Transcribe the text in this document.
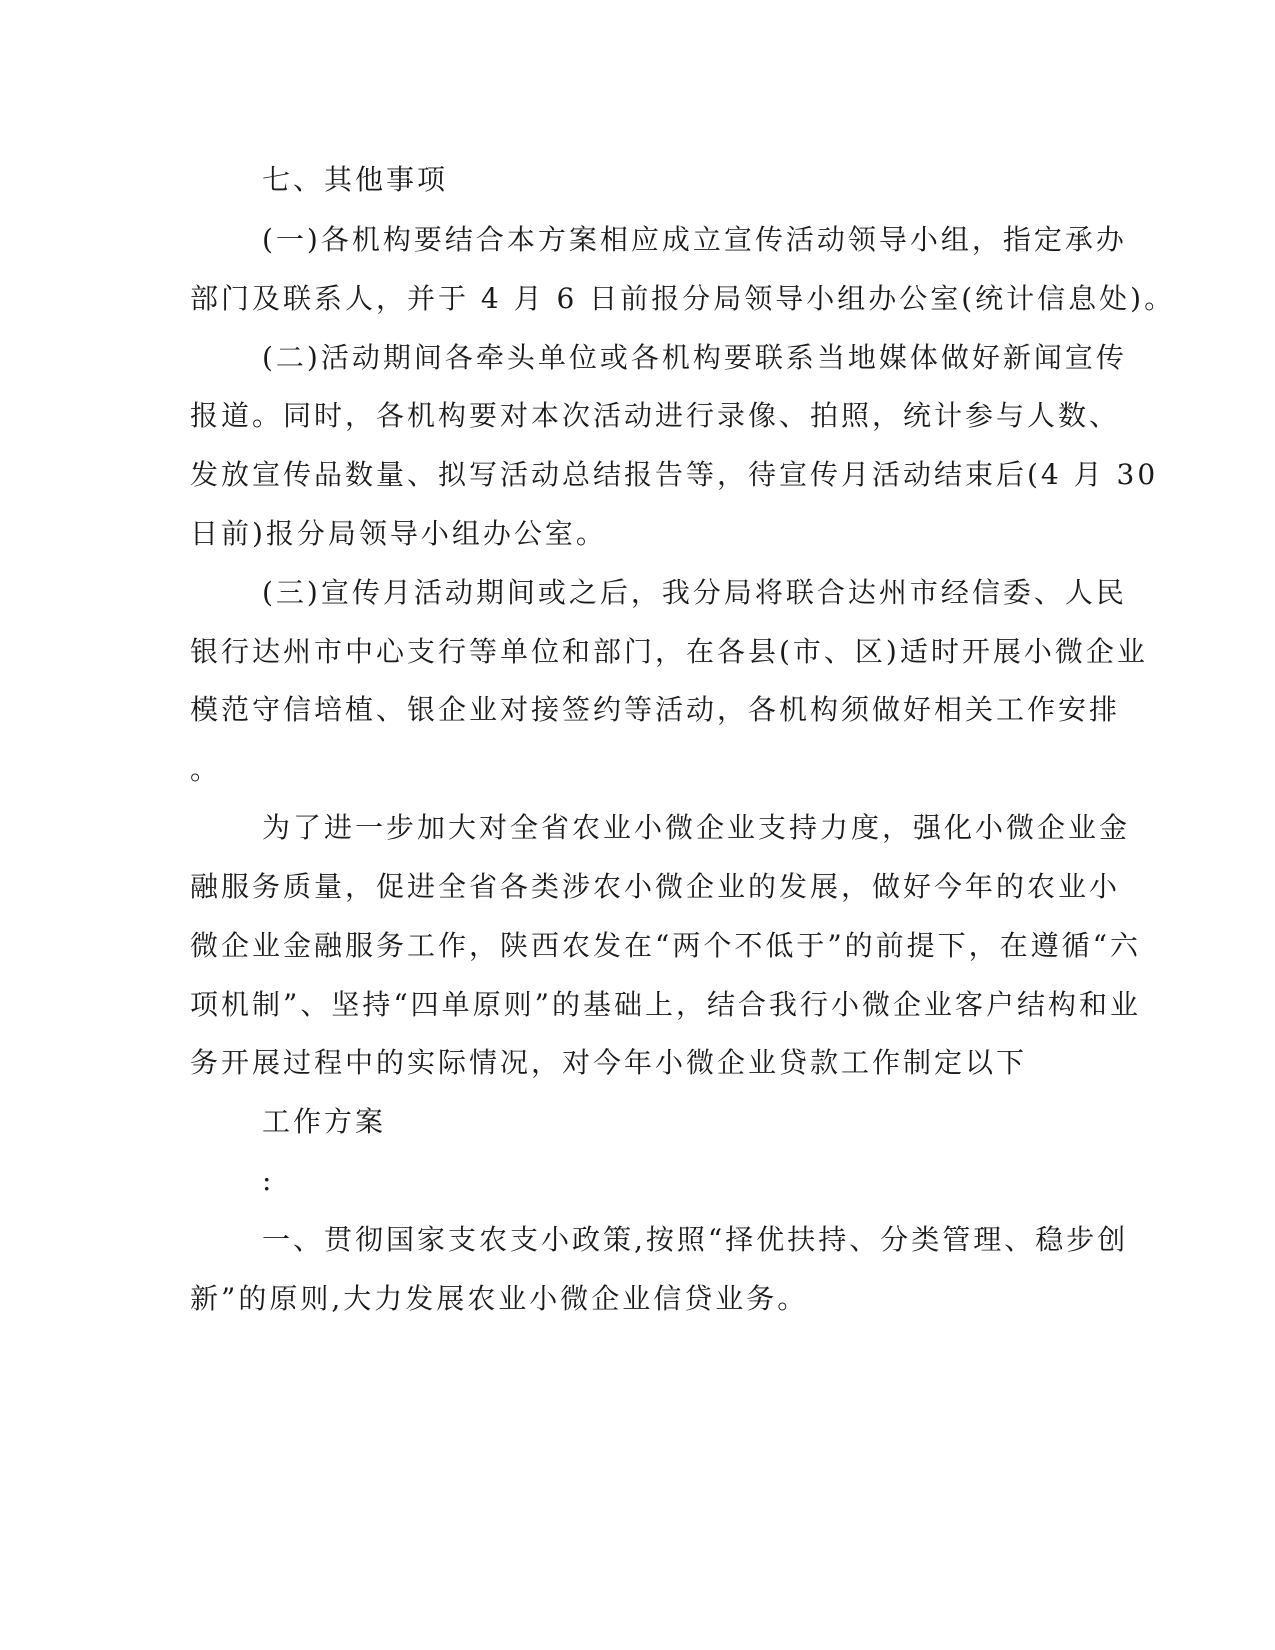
七、其他事项
(一)各机构要结合本方案相应成立宣传活动领导小组，指定承办
部门及联系人，并于 4 月 6 日前报分局领导小组办公室(统计信息处)。
(二)活动期间各牵头单位或各机构要联系当地媒体做好新闻宣传
报道。同时，各机构要对本次活动进行录像、拍照，统计参与人数、
发放宣传品数量、拟写活动总结报告等，待宣传月活动结束后(4 月 30
日前)报分局领导小组办公室。
(三)宣传月活动期间或之后，我分局将联合达州市经信委、人民
银行达州市中心支行等单位和部门，在各县(市、区)适时开展小微企业
模范守信培植、银企业对接签约等活动，各机构须做好相关工作安排
。
为了进一步加大对全省农业小微企业支持力度，强化小微企业金
融服务质量，促进全省各类涉农小微企业的发展，做好今年的农业小
微企业金融服务工作，陕西农发在“两个不低于”的前提下，在遵循“六
项机制”、坚持“四单原则”的基础上，结合我行小微企业客户结构和业
务开展过程中的实际情况，对今年小微企业贷款工作制定以下
工作方案
:
一、贯彻国家支农支小政策,按照“择优扶持、分类管理、稳步创
新”的原则,大力发展农业小微企业信贷业务。
